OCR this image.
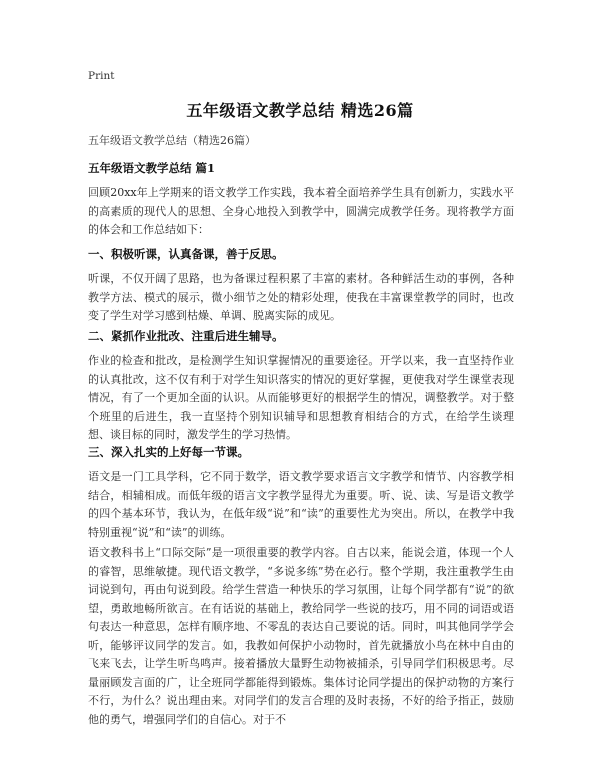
Print
五年级语文教学总结 精选26篇
五年级语文教学总结（精选26篇）
五年级语文教学总结 篇1
回顾20xx年上学期来的语文教学工作实践，我本着全面培养学生具有创新力，实践水平的高素质的现代人的思想、全身心地投入到教学中，圆满完成教学任务。现将教学方面的体会和工作总结如下：
一、积极听课，认真备课，善于反思。
听课，不仅开阔了思路，也为备课过程积累了丰富的素材。各种鲜活生动的事例，各种教学方法、模式的展示，微小细节之处的精彩处理，使我在丰富课堂教学的同时，也改变了学生对学习感到枯燥、单调、脱离实际的成见。
二、紧抓作业批改、注重后进生辅导。
作业的检查和批改，是检测学生知识掌握情况的重要途径。开学以来，我一直坚持作业的认真批改，这不仅有利于对学生知识落实的情况的更好掌握，更使我对学生课堂表现情况，有了一个更加全面的认识。从而能够更好的根据学生的情况，调整教学。对于整个班里的后进生，我一直坚持个别知识辅导和思想教育相结合的方式，在给学生谈理想、谈目标的同时，激发学生的学习热情。
三、深入扎实的上好每一节课。
语文是一门工具学科，它不同于数学，语文教学要求语言文字教学和情节、内容教学相结合，相辅相成。而低年级的语言文字教学显得尤为重要。听、说、读、写是语文教学的四个基本环节，我认为，在低年级“说”和“读”的重要性尤为突出。所以，在教学中我特别重视“说”和“读”的训练。
语文教科书上“口际交际”是一项很重要的教学内容。自古以来，能说会道，体现一个人的睿智，思维敏捷。现代语文教学，“多说多练”势在必行。整个学期，我注重教学生由词说到句，再由句说到段。给学生营造一种快乐的学习氛围，让每个同学都有“说”的欲望，勇敢地畅所欲言。在有话说的基础上，教给同学一些说的技巧，用不同的词语或语句表达一种意思，怎样有顺序地、不零乱的表达自己要说的话。同时，叫其他同学学会听，能够评议同学的发言。如，我教如何保护小动物时，首先就播放小鸟在林中自由的飞来飞去，让学生听鸟鸣声。接着播放大量野生动物被捕杀，引导同学们积极思考。尽量丽顾发言面的广，让全班同学都能得到锻炼。集体讨论同学提出的保护动物的方案行不行，为什么？说出理由来。对同学们的发言合理的及时表扬，不好的给予指正，鼓励他的勇气，增强同学们的自信心。对于不
